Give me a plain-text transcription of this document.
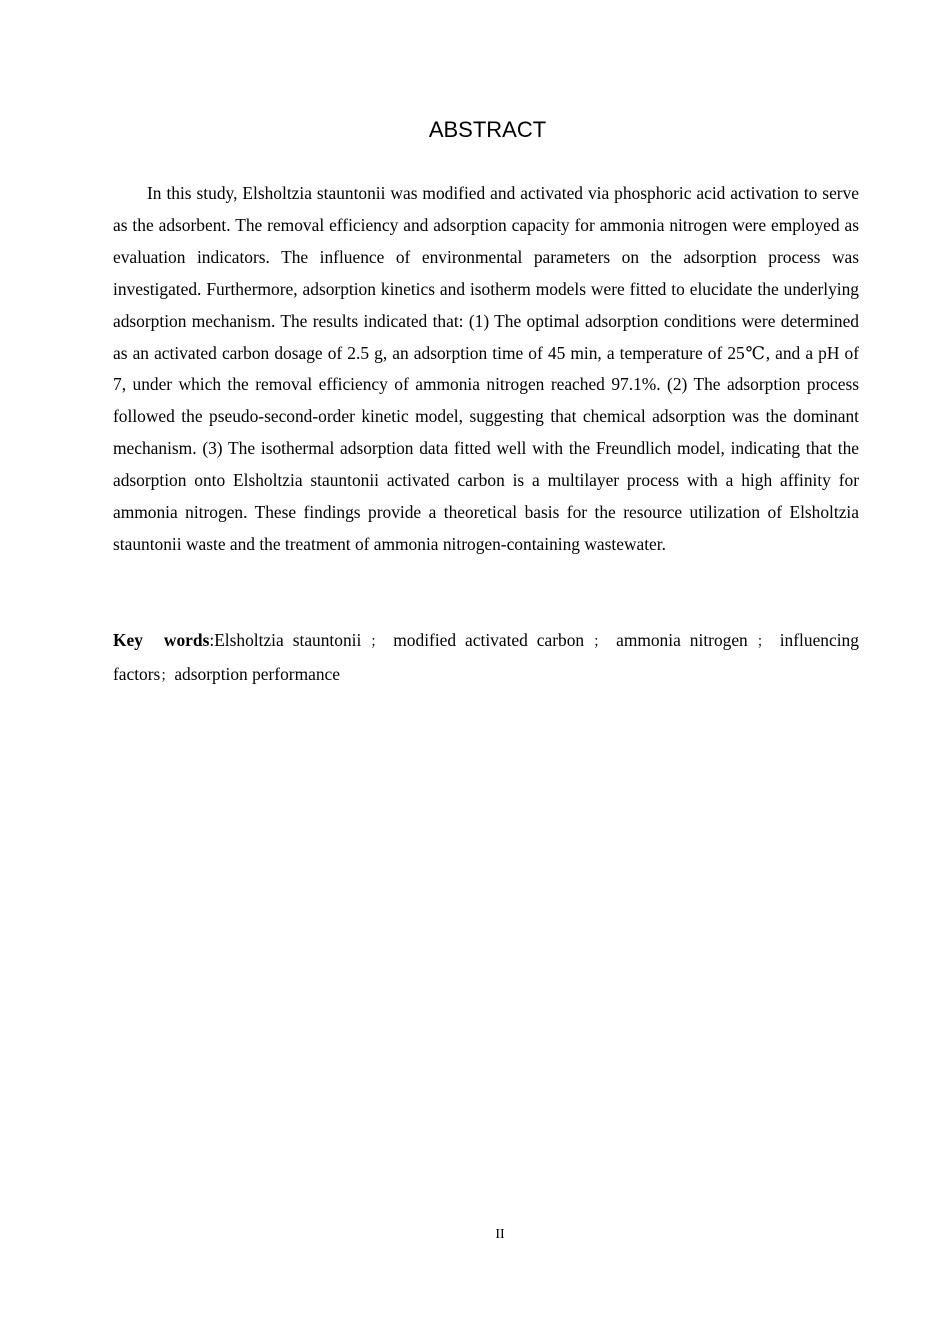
ABSTRACT

In this study, Elsholtzia stauntonii was modified and activated via phosphoric acid activation to serve as the adsorbent. The removal efficiency and adsorption capacity for ammonia nitrogen were employed as evaluation indicators. The influence of environmental parameters on the adsorption process was investigated. Furthermore, adsorption kinetics and isotherm models were fitted to elucidate the underlying adsorption mechanism. The results indicated that: (1) The optimal adsorption conditions were determined as an activated carbon dosage of 2.5 g, an adsorption time of 45 min, a temperature of 25℃, and a pH of 7, under which the removal efficiency of ammonia nitrogen reached 97.1%. (2) The adsorption process followed the pseudo-second-order kinetic model, suggesting that chemical adsorption was the dominant mechanism. (3) The isothermal adsorption data fitted well with the Freundlich model, indicating that the adsorption onto Elsholtzia stauntonii activated carbon is a multilayer process with a high affinity for ammonia nitrogen. These findings provide a theoretical basis for the resource utilization of Elsholtzia stauntonii waste and the treatment of ammonia nitrogen-containing wastewater.

Key words:Elsholtzia stauntonii ； modified activated carbon ； ammonia nitrogen ； influencing factors；adsorption performance

II
